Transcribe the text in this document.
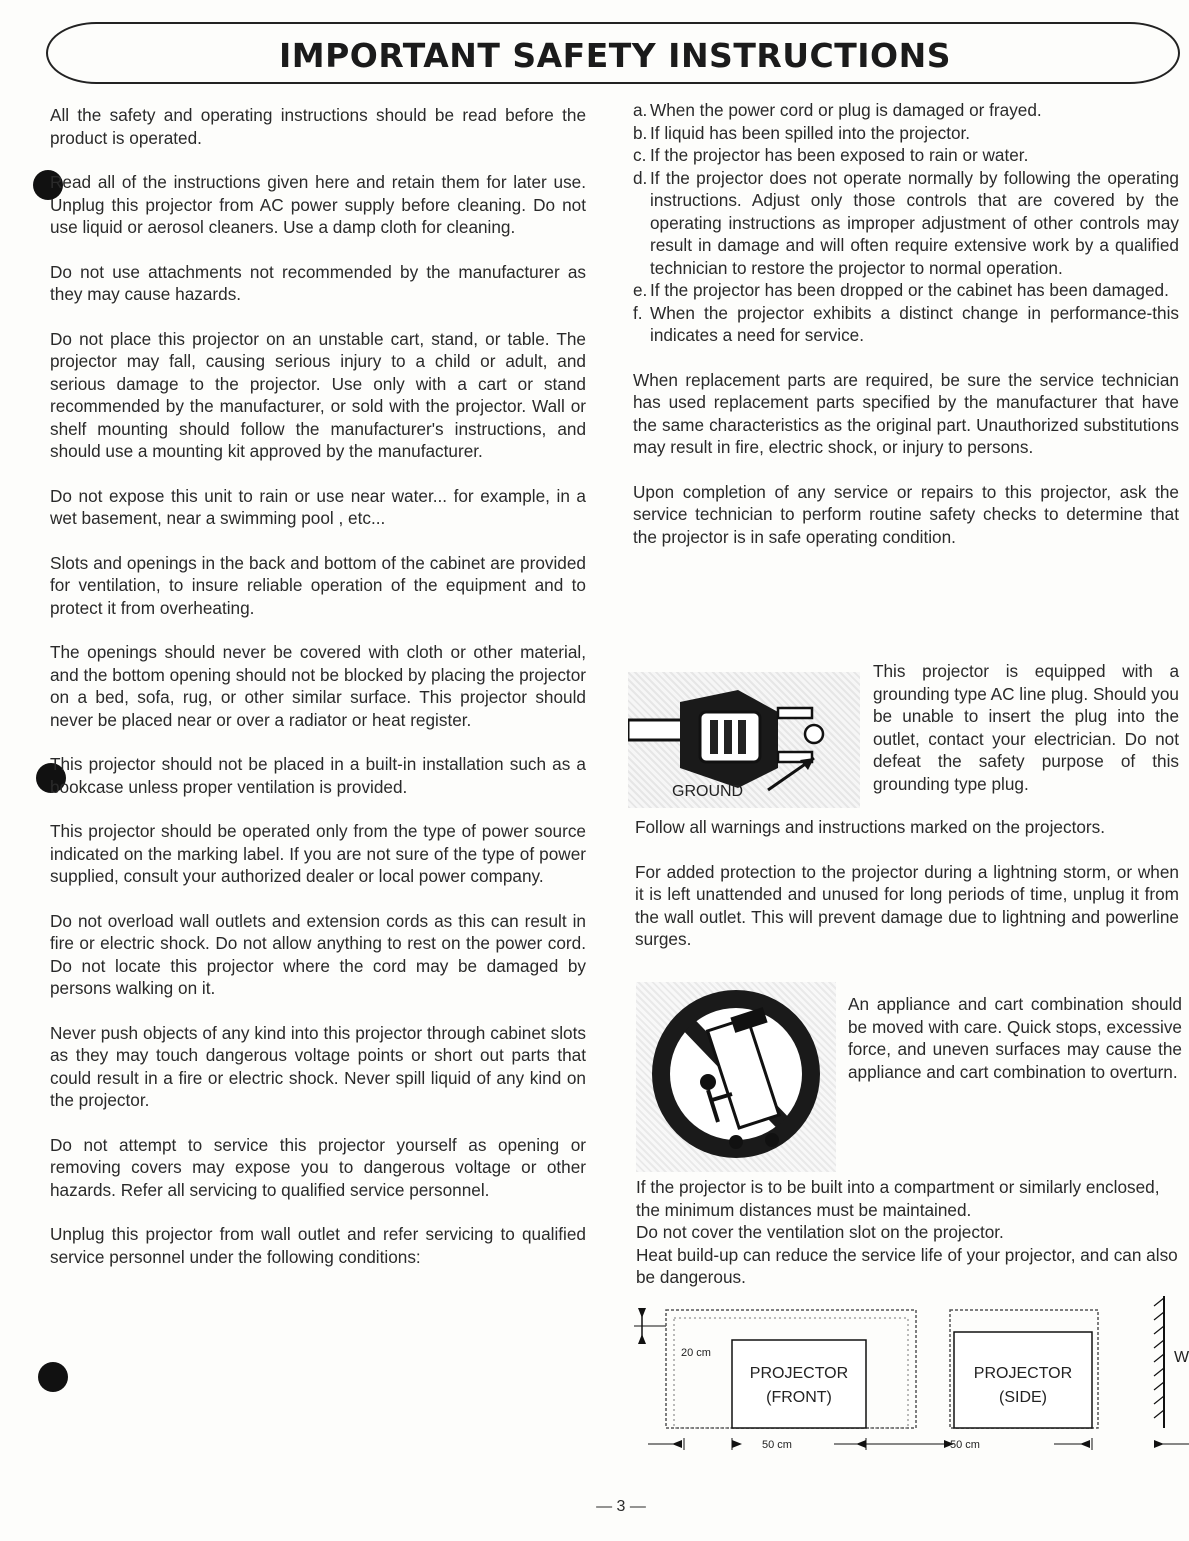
IMPORTANT SAFETY INSTRUCTIONS

All the safety and operating instructions should be read before the product is operated.

Read all of the instructions given here and retain them for later use. Unplug this projector from AC power supply before cleaning. Do not use liquid or aerosol cleaners. Use a damp cloth for cleaning.

Do not use attachments not recommended by the manufacturer as they may cause hazards.

Do not place this projector on an unstable cart, stand, or table. The projector may fall, causing serious injury to a child or adult, and serious damage to the projector. Use only with a cart or stand recommended by the manufacturer, or sold with the projector. Wall or shelf mounting should follow the manufacturer's instructions, and should use a mounting kit approved by the manufacturer.

Do not expose this unit to rain or use near water... for example, in a wet basement, near a swimming pool , etc...

Slots and openings in the back and bottom of the cabinet are provided for ventilation, to insure reliable operation of the equipment and to protect it from overheating.

The openings should never be covered with cloth or other material, and the bottom opening should not be blocked by placing the projector on a bed, sofa, rug, or other similar surface. This projector should never be placed near or over a radiator or heat register.

This projector should not be placed in a built-in installation such as a bookcase unless proper ventilation is provided.

This projector should be operated only from the type of power source indicated on the marking label. If you are not sure of the type of power supplied, consult your authorized dealer or local power company.

Do not overload wall outlets and extension cords as this can result in fire or electric shock. Do not allow anything to rest on the power cord. Do not locate this projector where the cord may be damaged by persons walking on it.

Never push objects of any kind into this projector through cabinet slots as they may touch dangerous voltage points or short out parts that could result in a fire or electric shock. Never spill liquid of any kind on the projector.

Do not attempt to service this projector yourself as opening or removing covers may expose you to dangerous voltage or other hazards. Refer all servicing to qualified service personnel.

Unplug this projector from wall outlet and refer servicing to qualified service personnel under the following conditions:

a. When the power cord or plug is damaged or frayed.
b. If liquid has been spilled into the projector.
c. If the projector has been exposed to rain or water.
d. If the projector does not operate normally by following the operating instructions. Adjust only those controls that are covered by the operating instructions as improper adjustment of other controls may result in damage and will often require extensive work by a qualified technician to restore the projector to normal operation.
e. If the projector has been dropped or the cabinet has been damaged.
f. When the projector exhibits a distinct change in performance-this indicates a need for service.

When replacement parts are required, be sure the service technician has used replacement parts specified by the manufacturer that have the same characteristics as the original part. Unauthorized substitutions may result in fire, electric shock, or injury to persons.

Upon completion of any service or repairs to this projector, ask the service technician to perform routine safety checks to determine that the projector is in safe operating condition.

GROUND
This projector is equipped with a grounding type AC line plug. Should you be unable to insert the plug into the outlet, contact your electrician. Do not defeat the safety purpose of this grounding type plug.

Follow all warnings and instructions marked on the projectors.

For added protection to the projector during a lightning storm, or when it is left unattended and unused for long periods of time, unplug it from the wall outlet. This will prevent damage due to lightning and powerline surges.

An appliance and cart combination should be moved with care. Quick stops, excessive force, and uneven surfaces may cause the appliance and cart combination to overturn.

If the projector is to be built into a compartment or similarly enclosed, the minimum distances must be maintained.

Do not cover the ventilation slot on the projector.

Heat build-up can reduce the service life of your projector, and can also be dangerous.

20 cm
PROJECTOR
(FRONT)
PROJECTOR
(SIDE)
W
50 cm	50 cm
— 3 —
